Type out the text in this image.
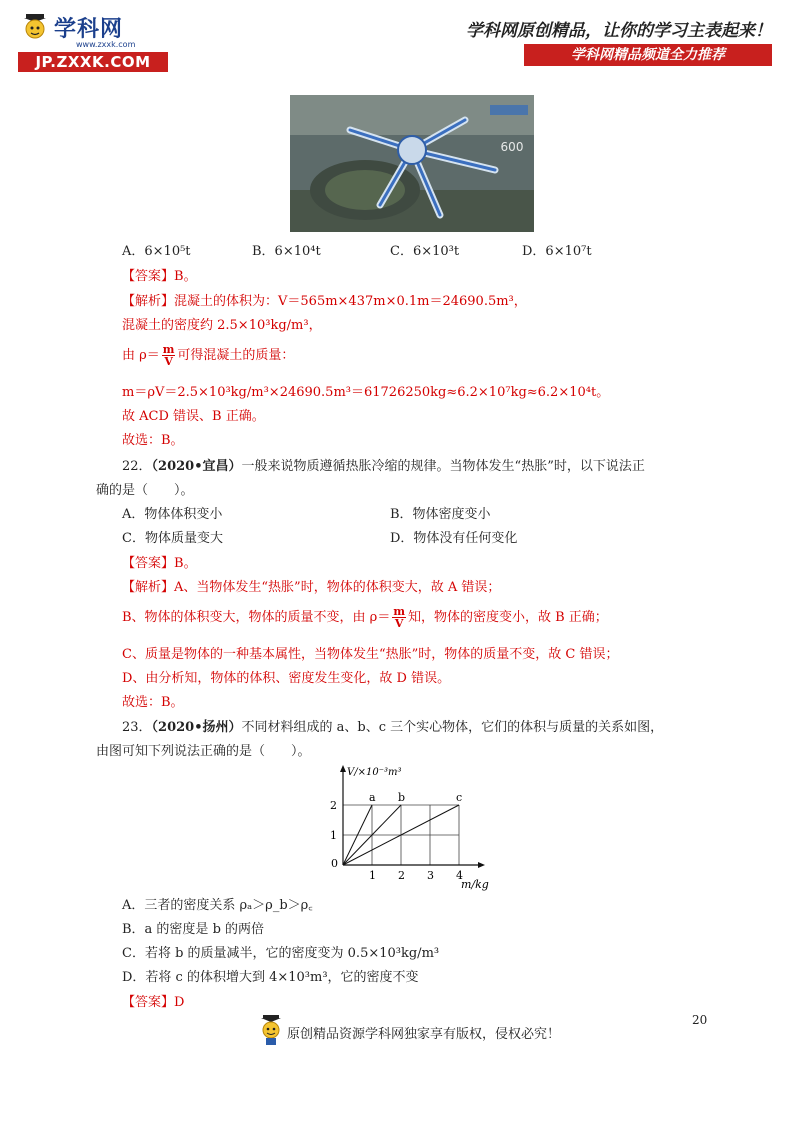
学科网
www.zxxk.com
JP.ZXXK.COM
学科网原创精品，让你的学习主表起来！
学科网精品频道全力推荐
600
A．6×10⁵t	B．6×10⁴t	C．6×10³t	D．6×10⁷t
【答案】B。
【解析】混凝土的体积为：V＝565m×437m×0.1m＝24690.5m³，
混凝土的密度约 2.5×10³kg/m³，
由 $\rho= \frac{m}{V}$ 可得混凝土的质量：
m＝ρV＝2.5×10³kg/m³×24690.5m³＝61726250kg≈6.2×10⁷kg≈6.2×10⁴t。
故 ACD 错误、B 正确。
故选：B。
22．（2020•宜昌）一般来说物质遵循热胀冷缩的规律。当物体发生“热胀”时，以下说法正
确的是（　　）。
A．物体体积变小	B．物体密度变小
C．物体质量变大	D．物体没有任何变化
【答案】B。
【解析】A、当物体发生“热胀”时，物体的体积变大，故 A 错误；
B、物体的体积变大，物体的质量不变，由 $\rho= \frac{m}{V}$ 知，物体的密度变小，故 B 正确；
C、质量是物体的一种基本属性，当物体发生“热胀”时，物体的质量不变，故 C 错误；
D、由分析知，物体的体积、密度发生变化，故 D 错误。
故选：B。
23．（2020•扬州）不同材料组成的 a、b、c 三个实心物体，它们的体积与质量的关系如图，
由图可知下列说法正确的是（　　）。
V/×10⁻³m³
m/kg
0
1 2 3 4
1
2
a b	c
A．三者的密度关系 ρₐ＞ρ_b＞ρ꜀
B．a 的密度是 b 的两倍
C．若将 b 的质量减半，它的密度变为 0.5×10³kg/m³
D．若将 c 的体积增大到 4×10³m³，它的密度不变
【答案】D
20
原创精品资源学科网独家享有版权，侵权必究！
